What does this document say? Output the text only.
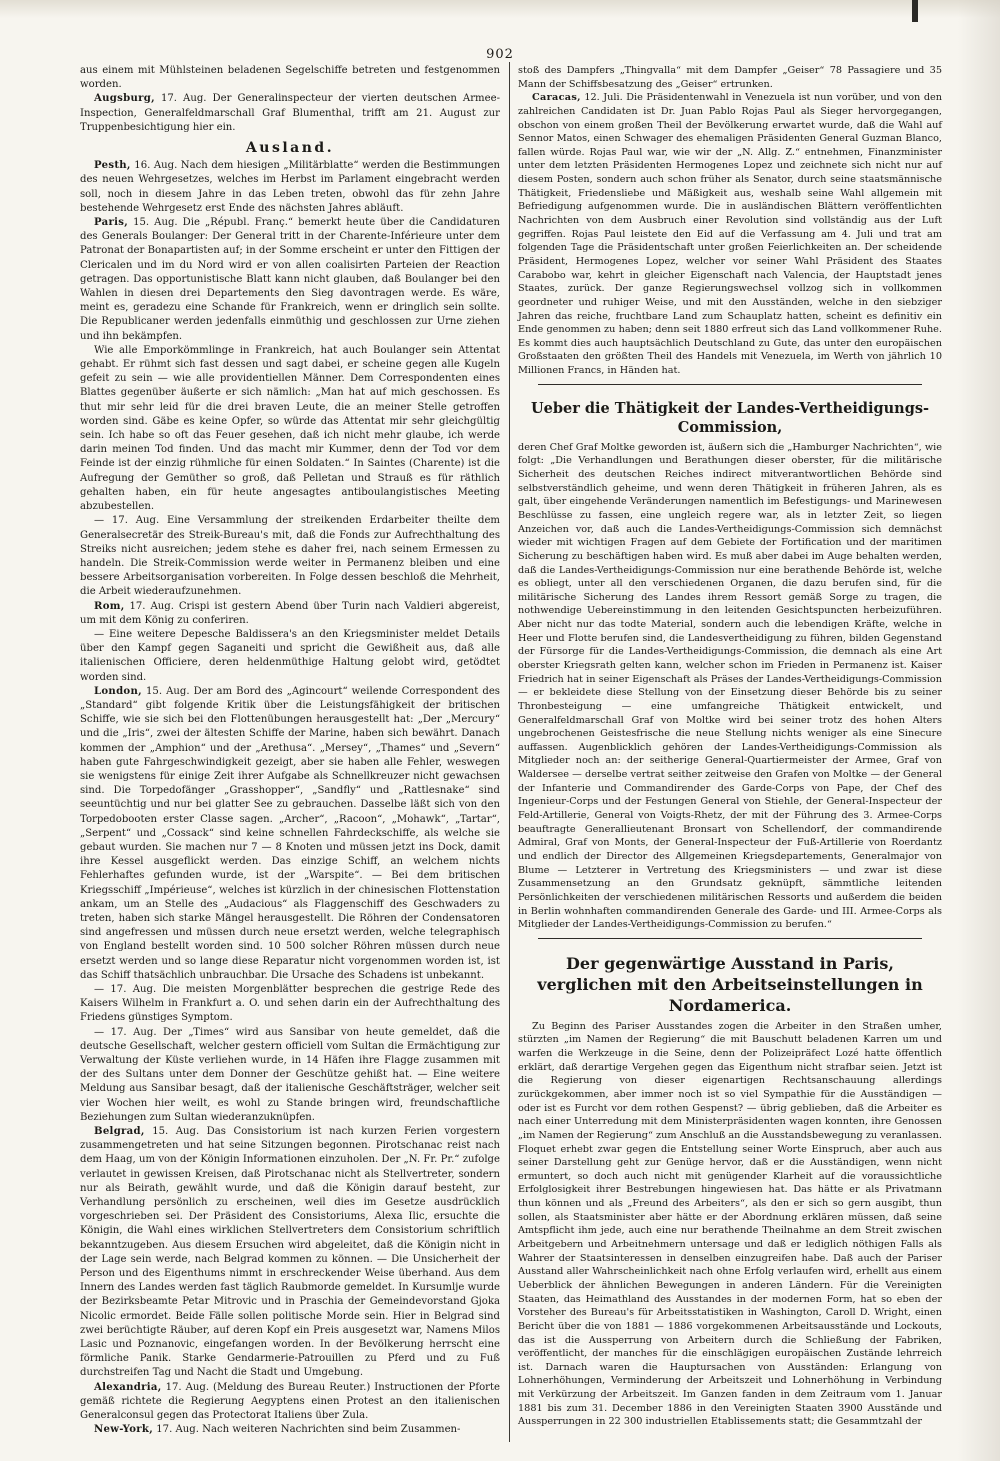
902

aus einem mit Mühlsteinen beladenen Segelschiffe betreten und festgenommen worden.

Augsburg, 17. Aug. Der Generalinspecteur der vierten deutschen Armee-Inspection, Generalfeldmarschall Graf Blumenthal, trifft am 21. August zur Truppenbesichtigung hier ein.

Ausland.

Pesth, 16. Aug. Nach dem hiesigen „Militärblatte“ werden die Bestimmungen des neuen Wehrgesetzes, welches im Herbst im Parlament eingebracht werden soll, noch in diesem Jahre in das Leben treten, obwohl das für zehn Jahre bestehende Wehrgesetz erst Ende des nächsten Jahres abläuft.

Paris, 15. Aug. Die „Républ. Franç.“ bemerkt heute über die Candidaturen des Generals Boulanger: Der General tritt in der Charente-Inférieure unter dem Patronat der Bonapartisten auf; in der Somme erscheint er unter den Fittigen der Clericalen und im du Nord wird er von allen coalisirten Parteien der Reaction getragen. Das opportunistische Blatt kann nicht glauben, daß Boulanger bei den Wahlen in diesen drei Departements den Sieg davontragen werde. Es wäre, meint es, geradezu eine Schande für Frankreich, wenn er dringlich sein sollte. Die Republicaner werden jedenfalls einmüthig und geschlossen zur Urne ziehen und ihn bekämpfen.

Wie alle Emporkömmlinge in Frankreich, hat auch Boulanger sein Attentat gehabt. Er rühmt sich fast dessen und sagt dabei, er scheine gegen alle Kugeln gefeit zu sein — wie alle providentiellen Männer. Dem Correspondenten eines Blattes gegenüber äußerte er sich nämlich: „Man hat auf mich geschossen. Es thut mir sehr leid für die drei braven Leute, die an meiner Stelle getroffen worden sind. Gäbe es keine Opfer, so würde das Attentat mir sehr gleichgültig sein. Ich habe so oft das Feuer gesehen, daß ich nicht mehr glaube, ich werde darin meinen Tod finden. Und das macht mir Kummer, denn der Tod vor dem Feinde ist der einzig rühmliche für einen Soldaten.“ In Saintes (Charente) ist die Aufregung der Gemüther so groß, daß Pelletan und Strauß es für räthlich gehalten haben, ein für heute angesagtes antiboulangistisches Meeting abzubestellen.

— 17. Aug. Eine Versammlung der streikenden Erdarbeiter theilte dem Generalsecretär des Streik-Bureau's mit, daß die Fonds zur Aufrechthaltung des Streiks nicht ausreichen; jedem stehe es daher frei, nach seinem Ermessen zu handeln. Die Streik-Commission werde weiter in Permanenz bleiben und eine bessere Arbeitsorganisation vorbereiten. In Folge dessen beschloß die Mehrheit, die Arbeit wiederaufzunehmen.

Rom, 17. Aug. Crispi ist gestern Abend über Turin nach Valdieri abgereist, um mit dem König zu conferiren.

— Eine weitere Depesche Baldissera's an den Kriegsminister meldet Details über den Kampf gegen Saganeiti und spricht die Gewißheit aus, daß alle italienischen Officiere, deren heldenmüthige Haltung gelobt wird, getödtet worden sind.

London, 15. Aug. Der am Bord des „Agincourt“ weilende Correspondent des „Standard“ gibt folgende Kritik über die Leistungsfähigkeit der britischen Schiffe, wie sie sich bei den Flottenübungen herausgestellt hat: „Der „Mercury“ und die „Iris“, zwei der ältesten Schiffe der Marine, haben sich bewährt. Danach kommen der „Amphion“ und der „Arethusa“. „Mersey“, „Thames“ und „Severn“ haben gute Fahrgeschwindigkeit gezeigt, aber sie haben alle Fehler, weswegen sie wenigstens für einige Zeit ihrer Aufgabe als Schnellkreuzer nicht gewachsen sind. Die Torpedofänger „Grasshopper“, „Sandfly“ und „Rattlesnake“ sind seeuntüchtig und nur bei glatter See zu gebrauchen. Dasselbe läßt sich von den Torpedobooten erster Classe sagen. „Archer“, „Racoon“, „Mohawk“, „Tartar“, „Serpent“ und „Cossack“ sind keine schnellen Fahrdeckschiffe, als welche sie gebaut wurden. Sie machen nur 7 — 8 Knoten und müssen jetzt ins Dock, damit ihre Kessel ausgeflickt werden. Das einzige Schiff, an welchem nichts Fehlerhaftes gefunden wurde, ist der „Warspite“. — Bei dem britischen Kriegsschiff „Impérieuse“, welches ist kürzlich in der chinesischen Flottenstation ankam, um an Stelle des „Audacious“ als Flaggenschiff des Geschwaders zu treten, haben sich starke Mängel herausgestellt. Die Röhren der Condensatoren sind angefressen und müssen durch neue ersetzt werden, welche telegraphisch von England bestellt worden sind. 10 500 solcher Röhren müssen durch neue ersetzt werden und so lange diese Reparatur nicht vorgenommen worden ist, ist das Schiff thatsächlich unbrauchbar. Die Ursache des Schadens ist unbekannt.

— 17. Aug. Die meisten Morgenblätter besprechen die gestrige Rede des Kaisers Wilhelm in Frankfurt a. O. und sehen darin ein der Aufrechthaltung des Friedens günstiges Symptom.

— 17. Aug. Der „Times“ wird aus Sansibar von heute gemeldet, daß die deutsche Gesellschaft, welcher gestern officiell vom Sultan die Ermächtigung zur Verwaltung der Küste verliehen wurde, in 14 Häfen ihre Flagge zusammen mit der des Sultans unter dem Donner der Geschütze gehißt hat. — Eine weitere Meldung aus Sansibar besagt, daß der italienische Geschäftsträger, welcher seit vier Wochen hier weilt, es wohl zu Stande bringen wird, freundschaftliche Beziehungen zum Sultan wiederanzuknüpfen.

Belgrad, 15. Aug. Das Consistorium ist nach kurzen Ferien vorgestern zusammengetreten und hat seine Sitzungen begonnen. Pirotschanac reist nach dem Haag, um von der Königin Informationen einzuholen. Der „N. Fr. Pr.“ zufolge verlautet in gewissen Kreisen, daß Pirotschanac nicht als Stellvertreter, sondern nur als Beirath, gewählt wurde, und daß die Königin darauf besteht, zur Verhandlung persönlich zu erscheinen, weil dies im Gesetze ausdrücklich vorgeschrieben sei. Der Präsident des Consistoriums, Alexa Ilic, ersuchte die Königin, die Wahl eines wirklichen Stellvertreters dem Consistorium schriftlich bekanntzugeben. Aus diesem Ersuchen wird abgeleitet, daß die Königin nicht in der Lage sein werde, nach Belgrad kommen zu können. — Die Unsicherheit der Person und des Eigenthums nimmt in erschreckender Weise überhand. Aus dem Innern des Landes werden fast täglich Raubmorde gemeldet. In Kursumlje wurde der Bezirksbeamte Petar Mitrovic und in Praschia der Gemeindevorstand Gjoka Nicolic ermordet. Beide Fälle sollen politische Morde sein. Hier in Belgrad sind zwei berüchtigte Räuber, auf deren Kopf ein Preis ausgesetzt war, Namens Milos Lasic und Poznanovic, eingefangen worden. In der Bevölkerung herrscht eine förmliche Panik. Starke Gendarmerie-Patrouillen zu Pferd und zu Fuß durchstreifen Tag und Nacht die Stadt und Umgebung.

Alexandria, 17. Aug. (Meldung des Bureau Reuter.) Instructionen der Pforte gemäß richtete die Regierung Aegyptens einen Protest an den italienischen Generalconsul gegen das Protectorat Italiens über Zula.

New-York, 17. Aug. Nach weiteren Nachrichten sind beim Zusammen-

stoß des Dampfers „Thingvalla“ mit dem Dampfer „Geiser“ 78 Passagiere und 35 Mann der Schiffsbesatzung des „Geiser“ ertrunken.

Caracas, 12. Juli. Die Präsidentenwahl in Venezuela ist nun vorüber, und von den zahlreichen Candidaten ist Dr. Juan Pablo Rojas Paul als Sieger hervorgegangen, obschon von einem großen Theil der Bevölkerung erwartet wurde, daß die Wahl auf Sennor Matos, einen Schwager des ehemaligen Präsidenten General Guzman Blanco, fallen würde. Rojas Paul war, wie wir der „N. Allg. Z.“ entnehmen, Finanzminister unter dem letzten Präsidenten Hermogenes Lopez und zeichnete sich nicht nur auf diesem Posten, sondern auch schon früher als Senator, durch seine staatsmännische Thätigkeit, Friedensliebe und Mäßigkeit aus, weshalb seine Wahl allgemein mit Befriedigung aufgenommen wurde. Die in ausländischen Blättern veröffentlichten Nachrichten von dem Ausbruch einer Revolution sind vollständig aus der Luft gegriffen. Rojas Paul leistete den Eid auf die Verfassung am 4. Juli und trat am folgenden Tage die Präsidentschaft unter großen Feierlichkeiten an. Der scheidende Präsident, Hermogenes Lopez, welcher vor seiner Wahl Präsident des Staates Carabobo war, kehrt in gleicher Eigenschaft nach Valencia, der Hauptstadt jenes Staates, zurück. Der ganze Regierungswechsel vollzog sich in vollkommen geordneter und ruhiger Weise, und mit den Ausständen, welche in den siebziger Jahren das reiche, fruchtbare Land zum Schauplatz hatten, scheint es definitiv ein Ende genommen zu haben; denn seit 1880 erfreut sich das Land vollkommener Ruhe. Es kommt dies auch hauptsächlich Deutschland zu Gute, das unter den europäischen Großstaaten den größten Theil des Handels mit Venezuela, im Werth von jährlich 10 Millionen Francs, in Händen hat.

Ueber die Thätigkeit der Landes-Vertheidigungs-Commission,

deren Chef Graf Moltke geworden ist, äußern sich die „Hamburger Nachrichten“, wie folgt: „Die Verhandlungen und Berathungen dieser oberster, für die militärische Sicherheit des deutschen Reiches indirect mitverantwortlichen Behörde sind selbstverständlich geheime, und wenn deren Thätigkeit in früheren Jahren, als es galt, über eingehende Veränderungen namentlich im Befestigungs- und Marinewesen Beschlüsse zu fassen, eine ungleich regere war, als in letzter Zeit, so liegen Anzeichen vor, daß auch die Landes-Vertheidigungs-Commission sich demnächst wieder mit wichtigen Fragen auf dem Gebiete der Fortification und der maritimen Sicherung zu beschäftigen haben wird. Es muß aber dabei im Auge behalten werden, daß die Landes-Vertheidigungs-Commission nur eine berathende Behörde ist, welche es obliegt, unter all den verschiedenen Organen, die dazu berufen sind, für die militärische Sicherung des Landes ihrem Ressort gemäß Sorge zu tragen, die nothwendige Uebereinstimmung in den leitenden Gesichtspuncten herbeizuführen. Aber nicht nur das todte Material, sondern auch die lebendigen Kräfte, welche in Heer und Flotte berufen sind, die Landesvertheidigung zu führen, bilden Gegenstand der Fürsorge für die Landes-Vertheidigungs-Commission, die demnach als eine Art oberster Kriegsrath gelten kann, welcher schon im Frieden in Permanenz ist. Kaiser Friedrich hat in seiner Eigenschaft als Präses der Landes-Vertheidigungs-Commission — er bekleidete diese Stellung von der Einsetzung dieser Behörde bis zu seiner Thronbesteigung — eine umfangreiche Thätigkeit entwickelt, und Generalfeldmarschall Graf von Moltke wird bei seiner trotz des hohen Alters ungebrochenen Geistesfrische die neue Stellung nichts weniger als eine Sinecure auffassen. Augenblicklich gehören der Landes-Vertheidigungs-Commission als Mitglieder noch an: der seitherige General-Quartiermeister der Armee, Graf von Waldersee — derselbe vertrat seither zeitweise den Grafen von Moltke — der General der Infanterie und Commandirender des Garde-Corps von Pape, der Chef des Ingenieur-Corps und der Festungen General von Stiehle, der General-Inspecteur der Feld-Artillerie, General von Voigts-Rhetz, der mit der Führung des 3. Armee-Corps beauftragte Generallieutenant Bronsart von Schellendorf, der commandirende Admiral, Graf von Monts, der General-Inspecteur der Fuß-Artillerie von Roerdantz und endlich der Director des Allgemeinen Kriegsdepartements, Generalmajor von Blume — Letzterer in Vertretung des Kriegsministers — und zwar ist diese Zusammensetzung an den Grundsatz geknüpft, sämmtliche leitenden Persönlichkeiten der verschiedenen militärischen Ressorts und außerdem die beiden in Berlin wohnhaften commandirenden Generale des Garde- und III. Armee-Corps als Mitglieder der Landes-Vertheidigungs-Commission zu berufen.“

Der gegenwärtige Ausstand in Paris, verglichen mit den Arbeitseinstellungen in Nordamerica.

Zu Beginn des Pariser Ausstandes zogen die Arbeiter in den Straßen umher, stürzten „im Namen der Regierung“ die mit Bauschutt beladenen Karren um und warfen die Werkzeuge in die Seine, denn der Polizeipräfect Lozé hatte öffentlich erklärt, daß derartige Vergehen gegen das Eigenthum nicht strafbar seien. Jetzt ist die Regierung von dieser eigenartigen Rechtsanschauung allerdings zurückgekommen, aber immer noch ist so viel Sympathie für die Ausständigen — oder ist es Furcht vor dem rothen Gespenst? — übrig geblieben, daß die Arbeiter es nach einer Unterredung mit dem Ministerpräsidenten wagen konnten, ihre Genossen „im Namen der Regierung“ zum Anschluß an die Ausstandsbewegung zu veranlassen. Floquet erhebt zwar gegen die Entstellung seiner Worte Einspruch, aber auch aus seiner Darstellung geht zur Genüge hervor, daß er die Ausständigen, wenn nicht ermuntert, so doch auch nicht mit genügender Klarheit auf die voraussichtliche Erfolglosigkeit ihrer Bestrebungen hingewiesen hat. Das hätte er als Privatmann thun können und als „Freund des Arbeiters“, als den er sich so gern ausgibt, thun sollen, als Staatsminister aber hätte er der Abordnung erklären müssen, daß seine Amtspflicht ihm jede, auch eine nur berathende Theilnahme an dem Streit zwischen Arbeitgebern und Arbeitnehmern untersage und daß er lediglich nöthigen Falls als Wahrer der Staatsinteressen in denselben einzugreifen habe. Daß auch der Pariser Ausstand aller Wahrscheinlichkeit nach ohne Erfolg verlaufen wird, erhellt aus einem Ueberblick der ähnlichen Bewegungen in anderen Ländern. Für die Vereinigten Staaten, das Heimathland des Ausstandes in der modernen Form, hat so eben der Vorsteher des Bureau's für Arbeitsstatistiken in Washington, Caroll D. Wright, einen Bericht über die von 1881 — 1886 vorgekommenen Arbeitsausstände und Lockouts, das ist die Aussperrung von Arbeitern durch die Schließung der Fabriken, veröffentlicht, der manches für die einschlägigen europäischen Zustände lehrreich ist. Darnach waren die Hauptursachen von Ausständen: Erlangung von Lohnerhöhungen, Verminderung der Arbeitszeit und Lohnerhöhung in Verbindung mit Verkürzung der Arbeitszeit. Im Ganzen fanden in dem Zeitraum vom 1. Januar 1881 bis zum 31. December 1886 in den Vereinigten Staaten 3900 Ausstände und Aussperrungen in 22 300 industriellen Etablissements statt; die Gesammtzahl der
